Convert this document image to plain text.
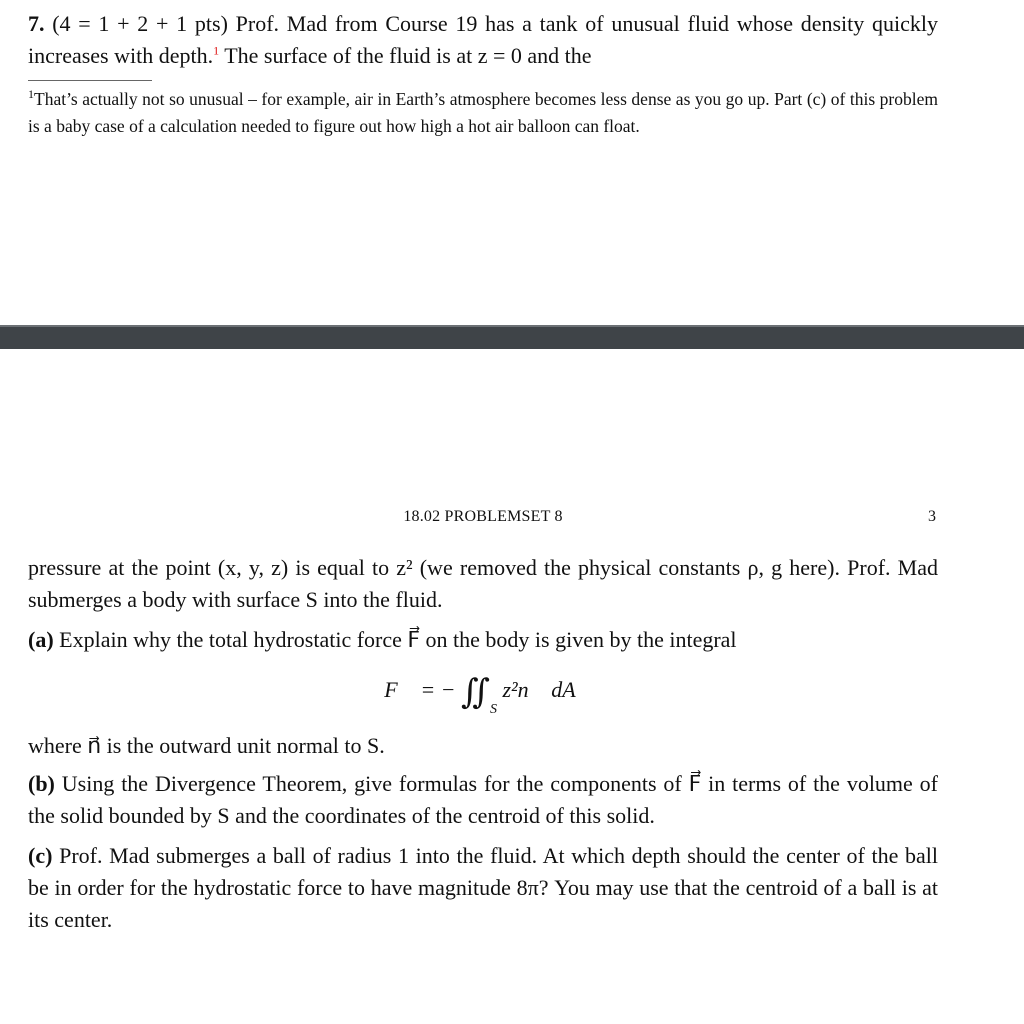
7. (4 = 1 + 2 + 1 pts) Prof. Mad from Course 19 has a tank of unusual fluid whose density quickly increases with depth.$^1$ The surface of the fluid is at z = 0 and the
$^1$That’s actually not so unusual – for example, air in Earth’s atmosphere becomes less dense as you go up. Part (c) of this problem is a baby case of a calculation needed to figure out how high a hot air balloon can float.
18.02 PROBLEMSET 8	3
pressure at the point (x, y, z) is equal to z² (we removed the physical constants ρ, g here). Prof. Mad submerges a body with surface S into the fluid.
(a) Explain why the total hydrostatic force F⃗ on the body is given by the integral
F⃗ = − $∬_S$ z²n⃗ dA
where n⃗ is the outward unit normal to S.
(b) Using the Divergence Theorem, give formulas for the components of F⃗ in terms of the volume of the solid bounded by S and the coordinates of the centroid of this solid.
(c) Prof. Mad submerges a ball of radius 1 into the fluid. At which depth should the center of the ball be in order for the hydrostatic force to have magnitude 8π? You may use that the centroid of a ball is at its center.
